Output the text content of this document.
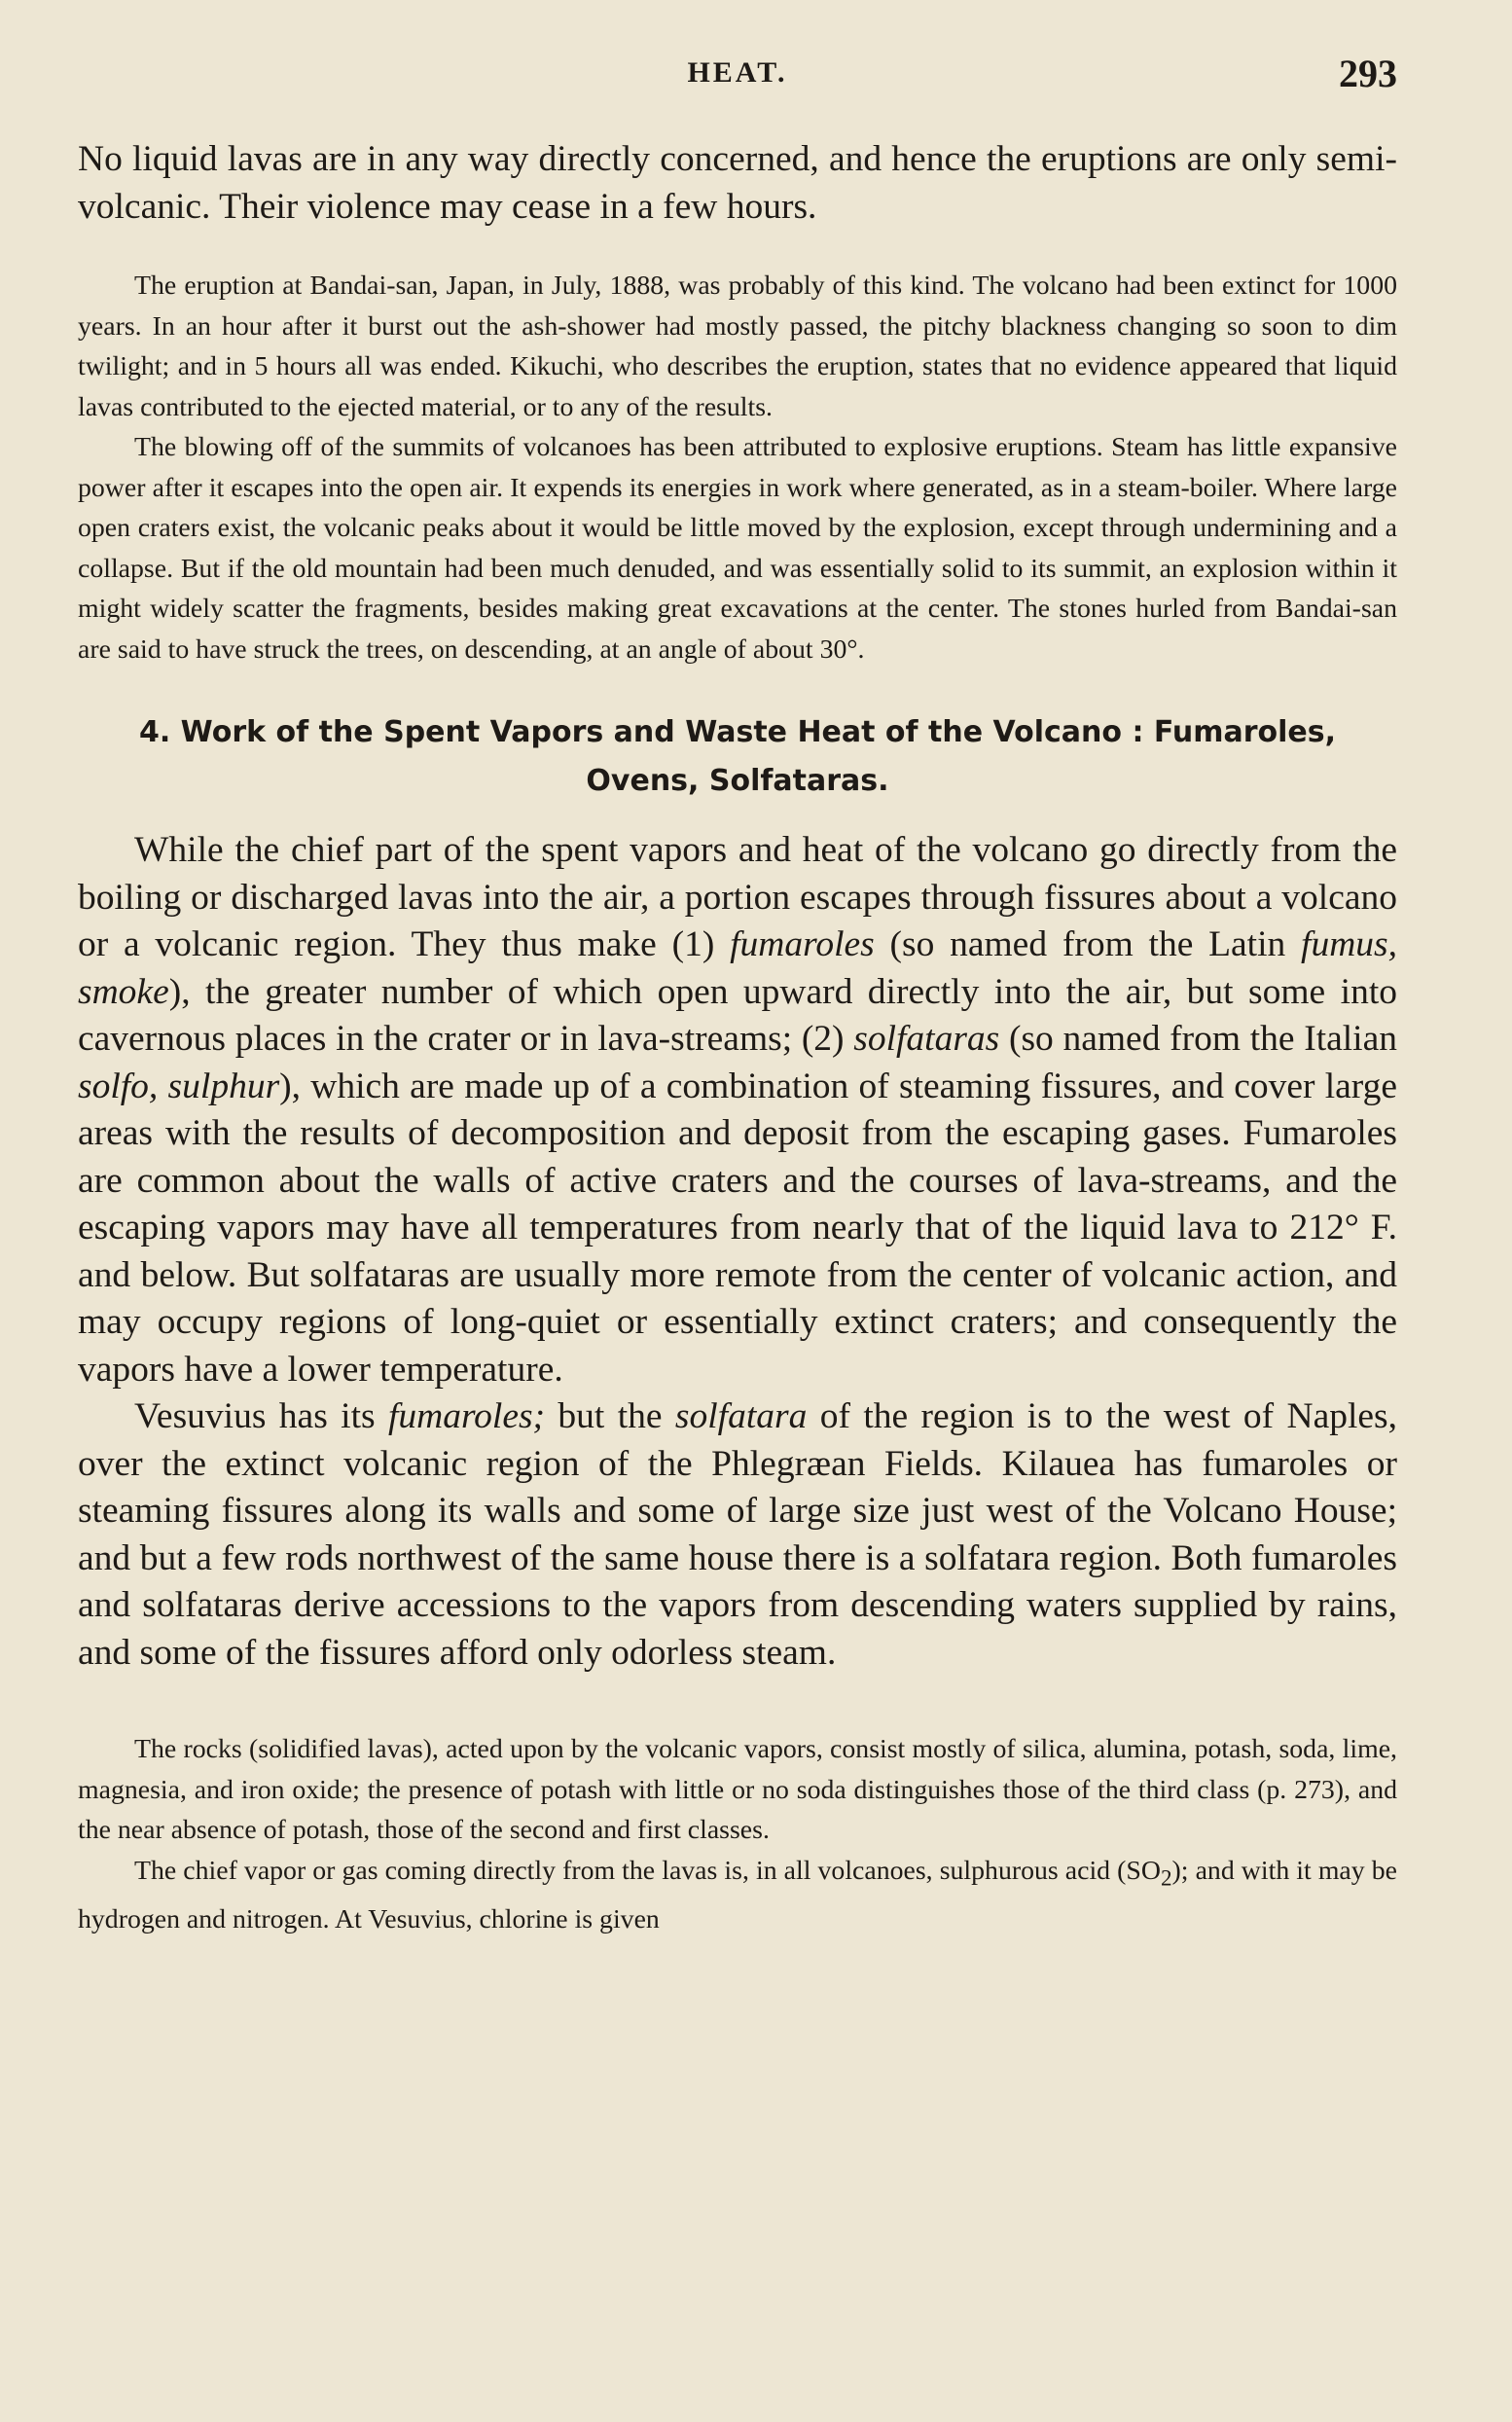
HEAT.	293

No liquid lavas are in any way directly concerned, and hence the eruptions are only semi-volcanic. Their violence may cease in a few hours.

The eruption at Bandai-san, Japan, in July, 1888, was probably of this kind. The volcano had been extinct for 1000 years. In an hour after it burst out the ash-shower had mostly passed, the pitchy blackness changing so soon to dim twilight; and in 5 hours all was ended. Kikuchi, who describes the eruption, states that no evidence appeared that liquid lavas contributed to the ejected material, or to any of the results.

The blowing off of the summits of volcanoes has been attributed to explosive eruptions. Steam has little expansive power after it escapes into the open air. It expends its energies in work where generated, as in a steam-boiler. Where large open craters exist, the volcanic peaks about it would be little moved by the explosion, except through undermining and a collapse. But if the old mountain had been much denuded, and was essentially solid to its summit, an explosion within it might widely scatter the fragments, besides making great excavations at the center. The stones hurled from Bandai-san are said to have struck the trees, on descending, at an angle of about 30°.

4. Work of the Spent Vapors and Waste Heat of the Volcano : Fumaroles,
Ovens, Solfataras.

While the chief part of the spent vapors and heat of the volcano go directly from the boiling or discharged lavas into the air, a portion escapes through fissures about a volcano or a volcanic region. They thus make (1) fumaroles (so named from the Latin fumus, smoke), the greater number of which open upward directly into the air, but some into cavernous places in the crater or in lava-streams; (2) solfataras (so named from the Italian solfo, sulphur), which are made up of a combination of steaming fissures, and cover large areas with the results of decomposition and deposit from the escaping gases. Fumaroles are common about the walls of active craters and the courses of lava-streams, and the escaping vapors may have all temperatures from nearly that of the liquid lava to 212° F. and below. But solfataras are usually more remote from the center of volcanic action, and may occupy regions of long-quiet or essentially extinct craters; and consequently the vapors have a lower temperature.

Vesuvius has its fumaroles; but the solfatara of the region is to the west of Naples, over the extinct volcanic region of the Phlegræan Fields. Kilauea has fumaroles or steaming fissures along its walls and some of large size just west of the Volcano House; and but a few rods northwest of the same house there is a solfatara region. Both fumaroles and solfataras derive accessions to the vapors from descending waters supplied by rains, and some of the fissures afford only odorless steam.

The rocks (solidified lavas), acted upon by the volcanic vapors, consist mostly of silica, alumina, potash, soda, lime, magnesia, and iron oxide; the presence of potash with little or no soda distinguishes those of the third class (p. 273), and the near absence of potash, those of the second and first classes.

The chief vapor or gas coming directly from the lavas is, in all volcanoes, sulphurous acid $(SO_2)$; and with it may be hydrogen and nitrogen. At Vesuvius, chlorine is given
